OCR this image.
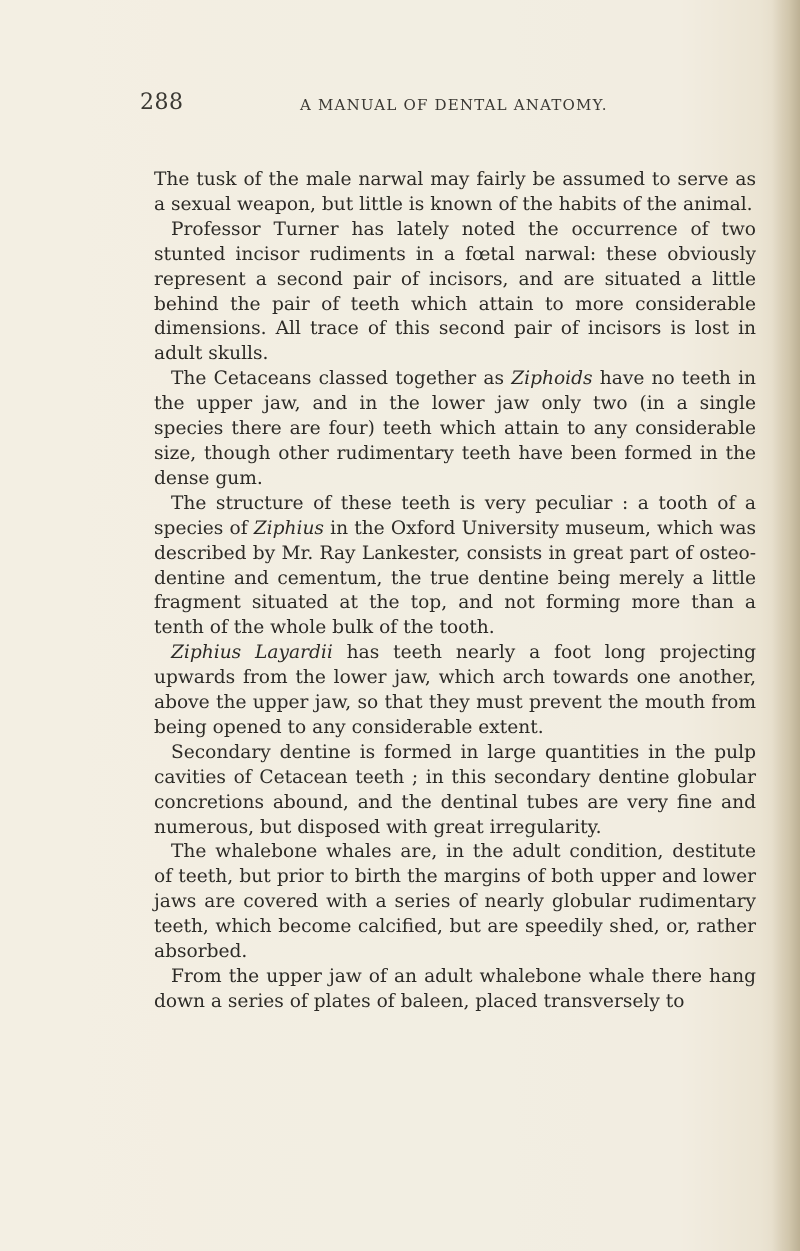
288	A MANUAL OF DENTAL ANATOMY.

The tusk of the male narwal may fairly be assumed to serve as a sexual weapon, but little is known of the habits of the animal.

Professor Turner has lately noted the occurrence of two stunted incisor rudiments in a fœtal narwal: these obviously represent a second pair of incisors, and are situated a little behind the pair of teeth which attain to more considerable dimensions. All trace of this second pair of incisors is lost in adult skulls.

The Cetaceans classed together as Ziphoids have no teeth in the upper jaw, and in the lower jaw only two (in a single species there are four) teeth which attain to any considerable size, though other rudimentary teeth have been formed in the dense gum.

The structure of these teeth is very peculiar : a tooth of a species of Ziphius in the Oxford University museum, which was described by Mr. Ray Lankester, consists in great part of osteo-dentine and cementum, the true dentine being merely a little fragment situated at the top, and not forming more than a tenth of the whole bulk of the tooth.

Ziphius Layardii has teeth nearly a foot long projecting upwards from the lower jaw, which arch towards one another, above the upper jaw, so that they must prevent the mouth from being opened to any considerable extent.

Secondary dentine is formed in large quantities in the pulp cavities of Cetacean teeth ; in this secondary dentine globular concretions abound, and the dentinal tubes are very fine and numerous, but disposed with great irregularity.

The whalebone whales are, in the adult condition, destitute of teeth, but prior to birth the margins of both upper and lower jaws are covered with a series of nearly globular rudimentary teeth, which become calcified, but are speedily shed, or, rather absorbed.

From the upper jaw of an adult whalebone whale there hang down a series of plates of baleen, placed transversely to
